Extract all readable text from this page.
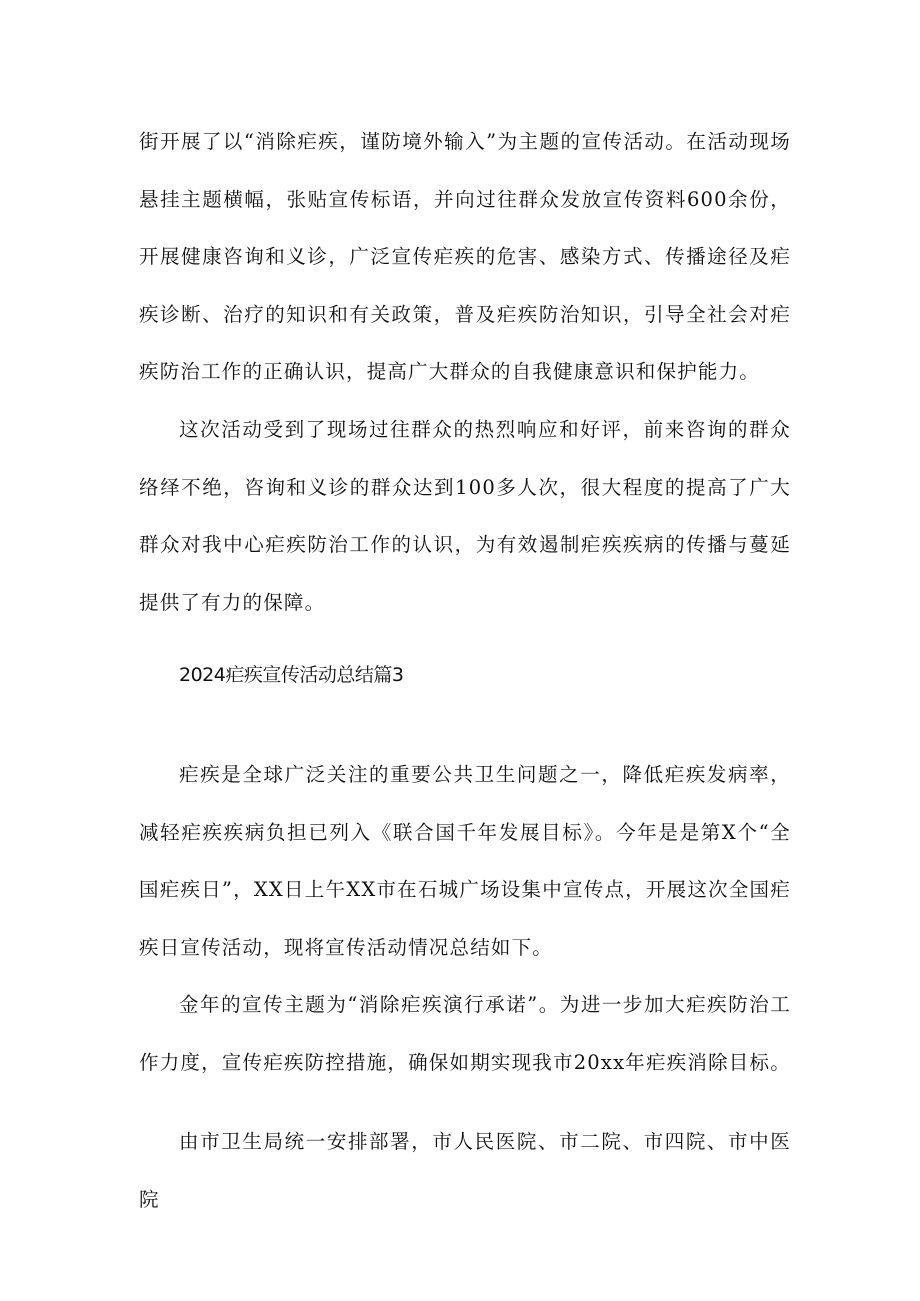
街开展了以“消除疟疾，谨防境外输入”为主题的宣传活动。在活动现场悬挂主题横幅，张贴宣传标语，并向过往群众发放宣传资料600余份，开展健康咨询和义诊，广泛宣传疟疾的危害、感染方式、传播途径及疟疾诊断、治疗的知识和有关政策，普及疟疾防治知识，引导全社会对疟疾防治工作的正确认识，提高广大群众的自我健康意识和保护能力。

这次活动受到了现场过往群众的热烈响应和好评，前来咨询的群众络绎不绝，咨询和义诊的群众达到100多人次，很大程度的提高了广大群众对我中心疟疾防治工作的认识，为有效遏制疟疾疾病的传播与蔓延提供了有力的保障。

2024疟疾宣传活动总结篇3

疟疾是全球广泛关注的重要公共卫生问题之一，降低疟疾发病率，减轻疟疾疾病负担已列入《联合国千年发展目标》。今年是是第X个“全国疟疾日”，XX日上午XX市在石城广场设集中宣传点，开展这次全国疟疾日宣传活动，现将宣传活动情况总结如下。

金年的宣传主题为“消除疟疾演行承诺”。为进一步加大疟疾防治工作力度，宣传疟疾防控措施，确保如期实现我市20xx年疟疾消除目标。

由市卫生局统一安排部署，市人民医院、市二院、市四院、市中医院
